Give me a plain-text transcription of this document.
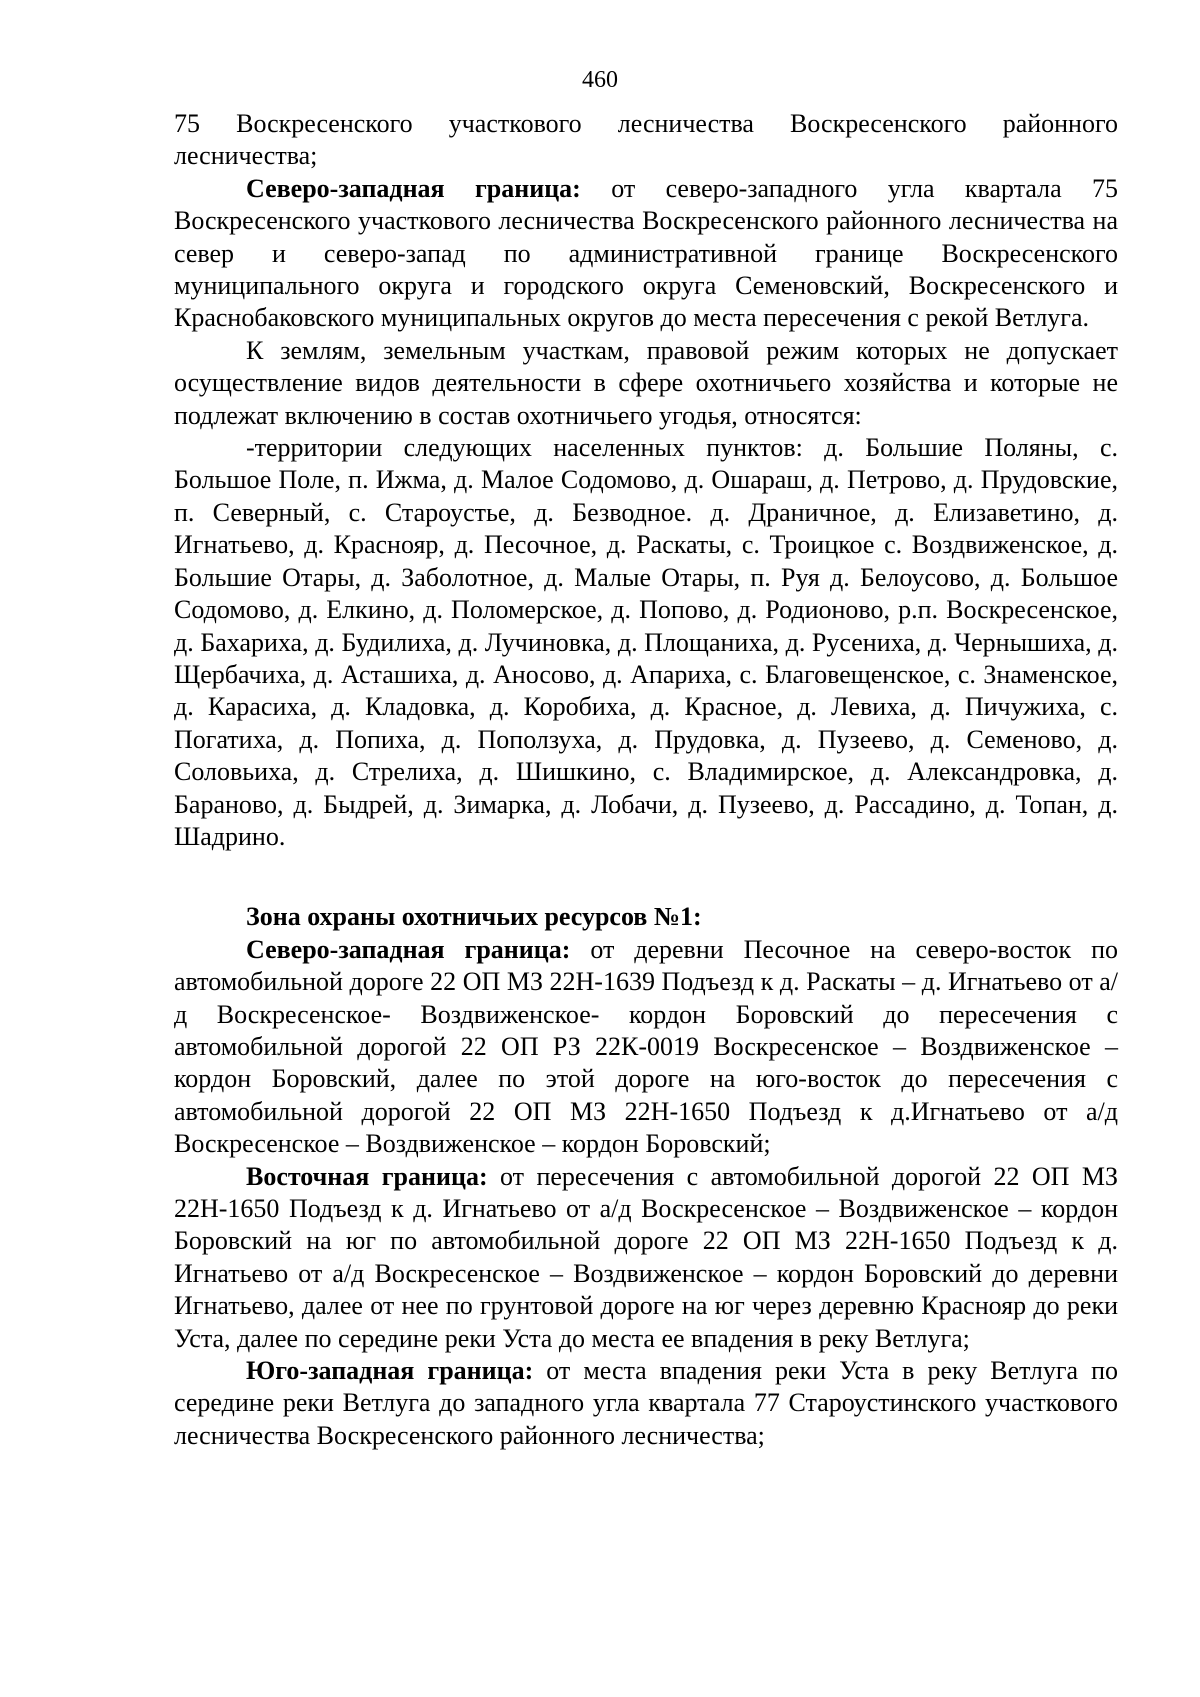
460

75 Воскресенского участкового лесничества Воскресенского районного лесничества;

Северо-западная граница: от северо-западного угла квартала 75 Воскресенского участкового лесничества Воскресенского районного лесничества на север и северо-запад по административной границе Воскресенского муниципального округа и городского округа Семеновский, Воскресенского и Краснобаковского муниципальных округов до места пересечения с рекой Ветлуга.

К землям, земельным участкам, правовой режим которых не допускает осуществление видов деятельности в сфере охотничьего хозяйства и которые не подлежат включению в состав охотничьего угодья, относятся:

-территории следующих населенных пунктов: д. Большие Поляны, с. Большое Поле, п. Ижма, д. Малое Содомово, д. Ошараш, д. Петрово, д. Прудовские, п. Северный, с. Староустье, д. Безводное. д. Драничное, д. Елизаветино, д. Игнатьево, д. Краснояр, д. Песочное, д. Раскаты, с. Троицкое с. Воздвиженское, д. Большие Отары, д. Заболотное, д. Малые Отары, п. Руя д. Белоусово, д. Большое Содомово, д. Елкино, д. Поломерское, д. Попово, д. Родионово, р.п. Воскресенское, д. Бахариха, д. Будилиха, д. Лучиновка, д. Площаниха, д. Русениха, д. Чернышиха, д. Щербачиха, д. Асташиха, д. Аносово, д. Апариха, с. Благовещенское, с. Знаменское, д. Карасиха, д. Кладовка, д. Коробиха, д. Красное, д. Левиха, д. Пичужиха, с. Погатиха, д. Попиха, д. Поползуха, д. Прудовка, д. Пузеево, д. Семеново, д. Соловьиха, д. Стрелиха, д. Шишкино, с. Владимирское, д. Александровка, д. Бараново, д. Быдрей, д. Зимарка, д. Лобачи, д. Пузеево, д. Рассадино, д. Топан, д. Шадрино.

Зона охраны охотничьих ресурсов №1:

Северо-западная граница: от деревни Песочное на северо-восток по автомобильной дороге 22 ОП МЗ 22Н-1639 Подъезд к д. Раскаты – д. Игнатьево от а/д Воскресенское- Воздвиженское- кордон Боровский до пересечения с автомобильной дорогой 22 ОП РЗ 22К-0019 Воскресенское – Воздвиженское – кордон Боровский, далее по этой дороге на юго-восток до пересечения с автомобильной дорогой 22 ОП МЗ 22Н-1650 Подъезд к д.Игнатьево от а/д Воскресенское – Воздвиженское – кордон Боровский;

Восточная граница: от пересечения с автомобильной дорогой 22 ОП МЗ 22Н-1650 Подъезд к д. Игнатьево от а/д Воскресенское – Воздвиженское – кордон Боровский на юг по автомобильной дороге 22 ОП МЗ 22Н-1650 Подъезд к д. Игнатьево от а/д Воскресенское – Воздвиженское – кордон Боровский до деревни Игнатьево, далее от нее по грунтовой дороге на юг через деревню Краснояр до реки Уста, далее по середине реки Уста до места ее впадения в реку Ветлуга;

Юго-западная граница: от места впадения реки Уста в реку Ветлуга по середине реки Ветлуга до западного угла квартала 77 Староустинского участкового лесничества Воскресенского районного лесничества;
